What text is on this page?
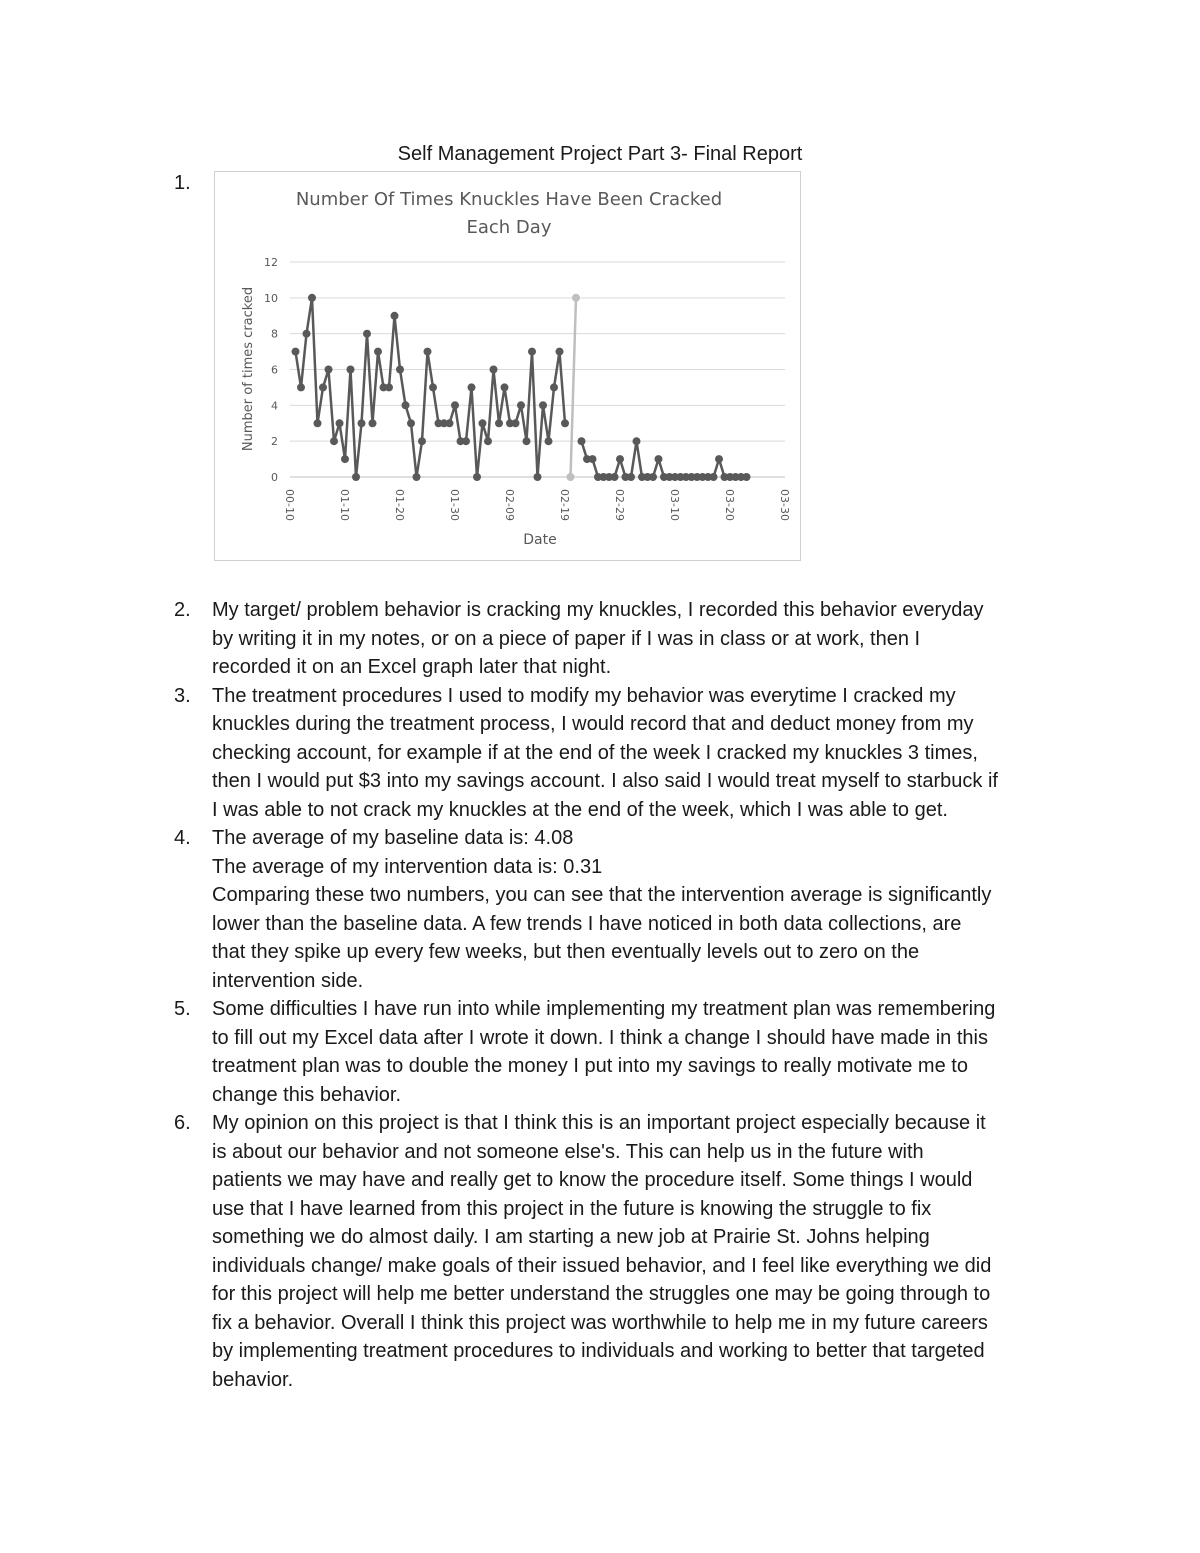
Self Management Project Part 3- Final Report
1.
Number Of Times Knuckles Have Been Cracked
Each Day
Number of times cracked
Date
0
2
4
6
8
10
12
00-10	01-10	01-20	01-30	02-09	02-19	02-29	03-10	03-20	03-30
2. My target/ problem behavior is cracking my knuckles, I recorded this behavior everyday
by writing it in my notes, or on a piece of paper if I was in class or at work, then I
recorded it on an Excel graph later that night.
3. The treatment procedures I used to modify my behavior was everytime I cracked my
knuckles during the treatment process, I would record that and deduct money from my
checking account, for example if at the end of the week I cracked my knuckles 3 times,
then I would put $3 into my savings account. I also said I would treat myself to starbuck if
I was able to not crack my knuckles at the end of the week, which I was able to get.
4. The average of my baseline data is: 4.08
The average of my intervention data is: 0.31
Comparing these two numbers, you can see that the intervention average is significantly
lower than the baseline data. A few trends I have noticed in both data collections, are
that they spike up every few weeks, but then eventually levels out to zero on the
intervention side.
5. Some difficulties I have run into while implementing my treatment plan was remembering
to fill out my Excel data after I wrote it down. I think a change I should have made in this
treatment plan was to double the money I put into my savings to really motivate me to
change this behavior.
6. My opinion on this project is that I think this is an important project especially because it
is about our behavior and not someone else's. This can help us in the future with
patients we may have and really get to know the procedure itself. Some things I would
use that I have learned from this project in the future is knowing the struggle to fix
something we do almost daily. I am starting a new job at Prairie St. Johns helping
individuals change/ make goals of their issued behavior, and I feel like everything we did
for this project will help me better understand the struggles one may be going through to
fix a behavior. Overall I think this project was worthwhile to help me in my future careers
by implementing treatment procedures to individuals and working to better that targeted
behavior.
